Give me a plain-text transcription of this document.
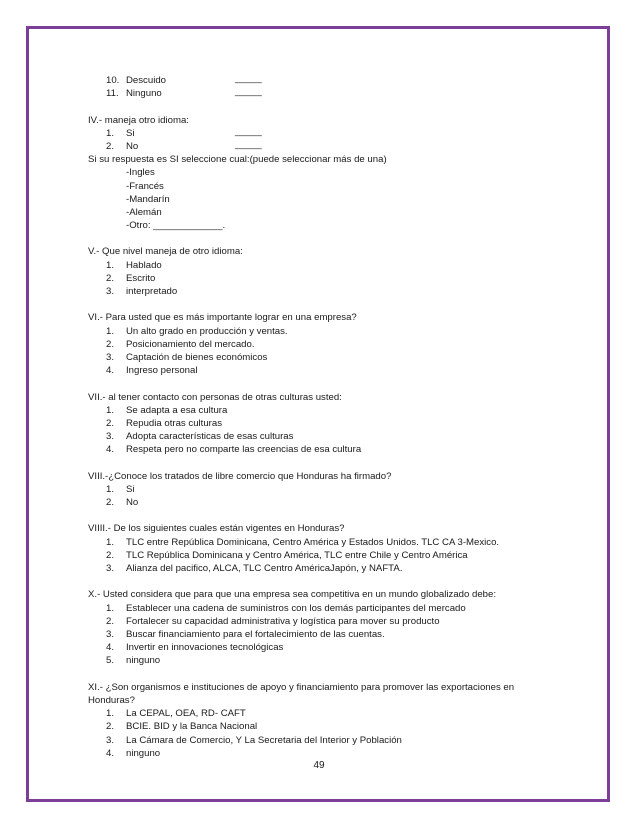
10. Descuido	_____
11. Ninguno	_____
IV.- maneja otro idioma:
1.	Si	_____
2.	No	_____
Si su respuesta es SI seleccione cual:(puede seleccionar más de una)
-Ingles
-Francés
-Mandarín
-Alemán
-Otro: _____________.
V.- Que nivel maneja de otro idioma:
1.	Hablado
2.	Escrito
3.	interpretado
VI.- Para usted que es más importante lograr en una empresa?
1.	Un alto grado en producción y ventas.
2.	Posicionamiento del mercado.
3.	Captación de bienes económicos
4.	Ingreso personal
VII.- al tener contacto con personas de otras culturas usted:
1.	Se adapta a esa cultura
2.	Repudia otras culturas
3.	Adopta características de esas culturas
4.	Respeta pero no comparte las creencias de esa cultura
VIII.-¿Conoce los tratados de libre comercio que Honduras ha firmado?
1.	Si
2.	No
VIIII.- De los siguientes cuales están vigentes en Honduras?
1.	TLC entre República Dominicana, Centro América y Estados Unidos. TLC CA 3-Mexico.
2.	TLC República Dominicana y Centro América, TLC entre Chile y Centro América
3.	Alianza del pacifico, ALCA, TLC Centro AméricaJapón, y NAFTA.
X.- Usted considera que para que una empresa sea competitiva en un mundo globalizado debe:
1.	Establecer una cadena de suministros con los demás participantes del mercado
2.	Fortalecer su capacidad administrativa y logística para mover su producto
3.	Buscar financiamiento para el fortalecimiento de las cuentas.
4.	Invertir en innovaciones tecnológicas
5.	ninguno
XI.- ¿Son organismos e instituciones de apoyo y financiamiento para promover las exportaciones en
Honduras?
1.	La CEPAL, OEA, RD- CAFT
2.	BCIE. BID y la Banca Nacional
3.	La Cámara de Comercio, Y La Secretaria del Interior y Población
4.	ninguno
49
